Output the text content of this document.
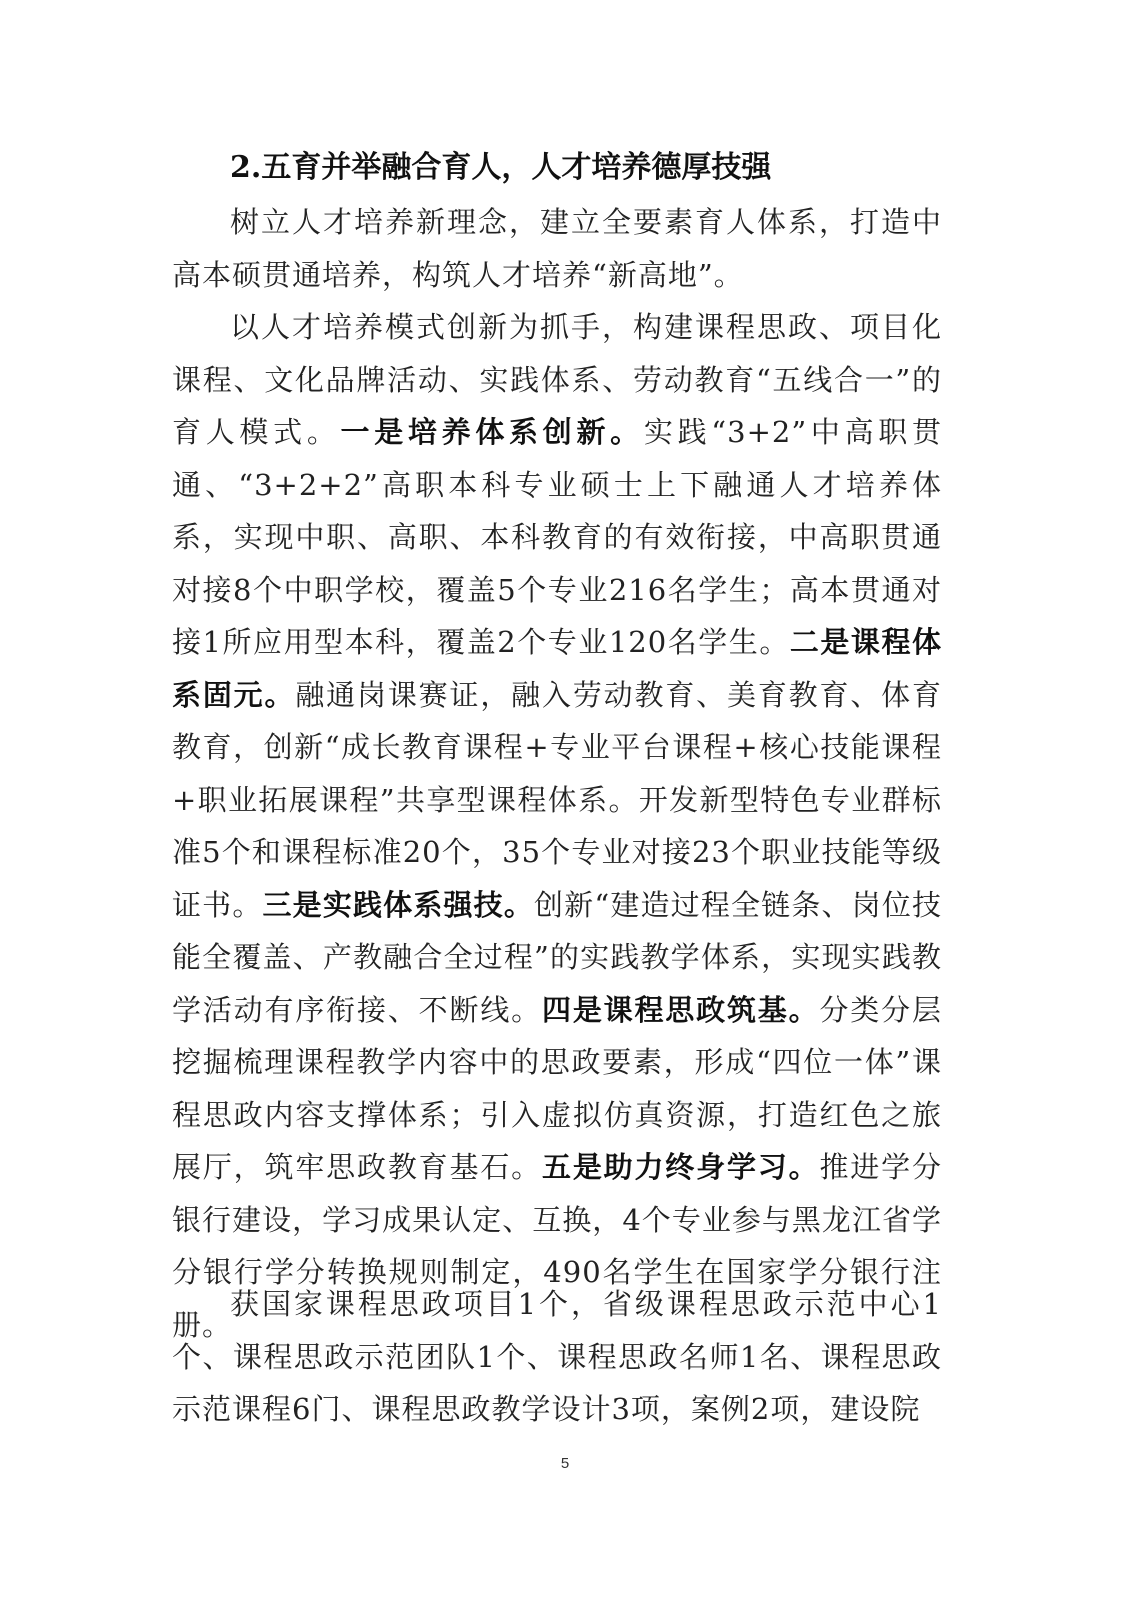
2.五育并举融合育人，人才培养德厚技强

树立人才培养新理念，建立全要素育人体系，打造中高本硕贯通培养，构筑人才培养“新高地”。

以人才培养模式创新为抓手，构建课程思政、项目化课程、文化品牌活动、实践体系、劳动教育“五线合一”的育人模式。一是培养体系创新。实践“3+2”中高职贯通、“3+2+2”高职本科专业硕士上下融通人才培养体系，实现中职、高职、本科教育的有效衔接，中高职贯通对接8个中职学校，覆盖5个专业216名学生；高本贯通对接1所应用型本科，覆盖2个专业120名学生。二是课程体系固元。融通岗课赛证，融入劳动教育、美育教育、体育教育，创新“成长教育课程+专业平台课程+核心技能课程+职业拓展课程”共享型课程体系。开发新型特色专业群标准5个和课程标准20个，35个专业对接23个职业技能等级证书。三是实践体系强技。创新“建造过程全链条、岗位技能全覆盖、产教融合全过程”的实践教学体系，实现实践教学活动有序衔接、不断线。四是课程思政筑基。分类分层挖掘梳理课程教学内容中的思政要素，形成“四位一体”课程思政内容支撑体系；引入虚拟仿真资源，打造红色之旅展厅，筑牢思政教育基石。五是助力终身学习。推进学分银行建设，学习成果认定、互换，4个专业参与黑龙江省学分银行学分转换规则制定，490名学生在国家学分银行注册。

获国家课程思政项目1个，省级课程思政示范中心1个、课程思政示范团队1个、课程思政名师1名、课程思政示范课程6门、课程思政教学设计3项，案例2项，建设院

5
